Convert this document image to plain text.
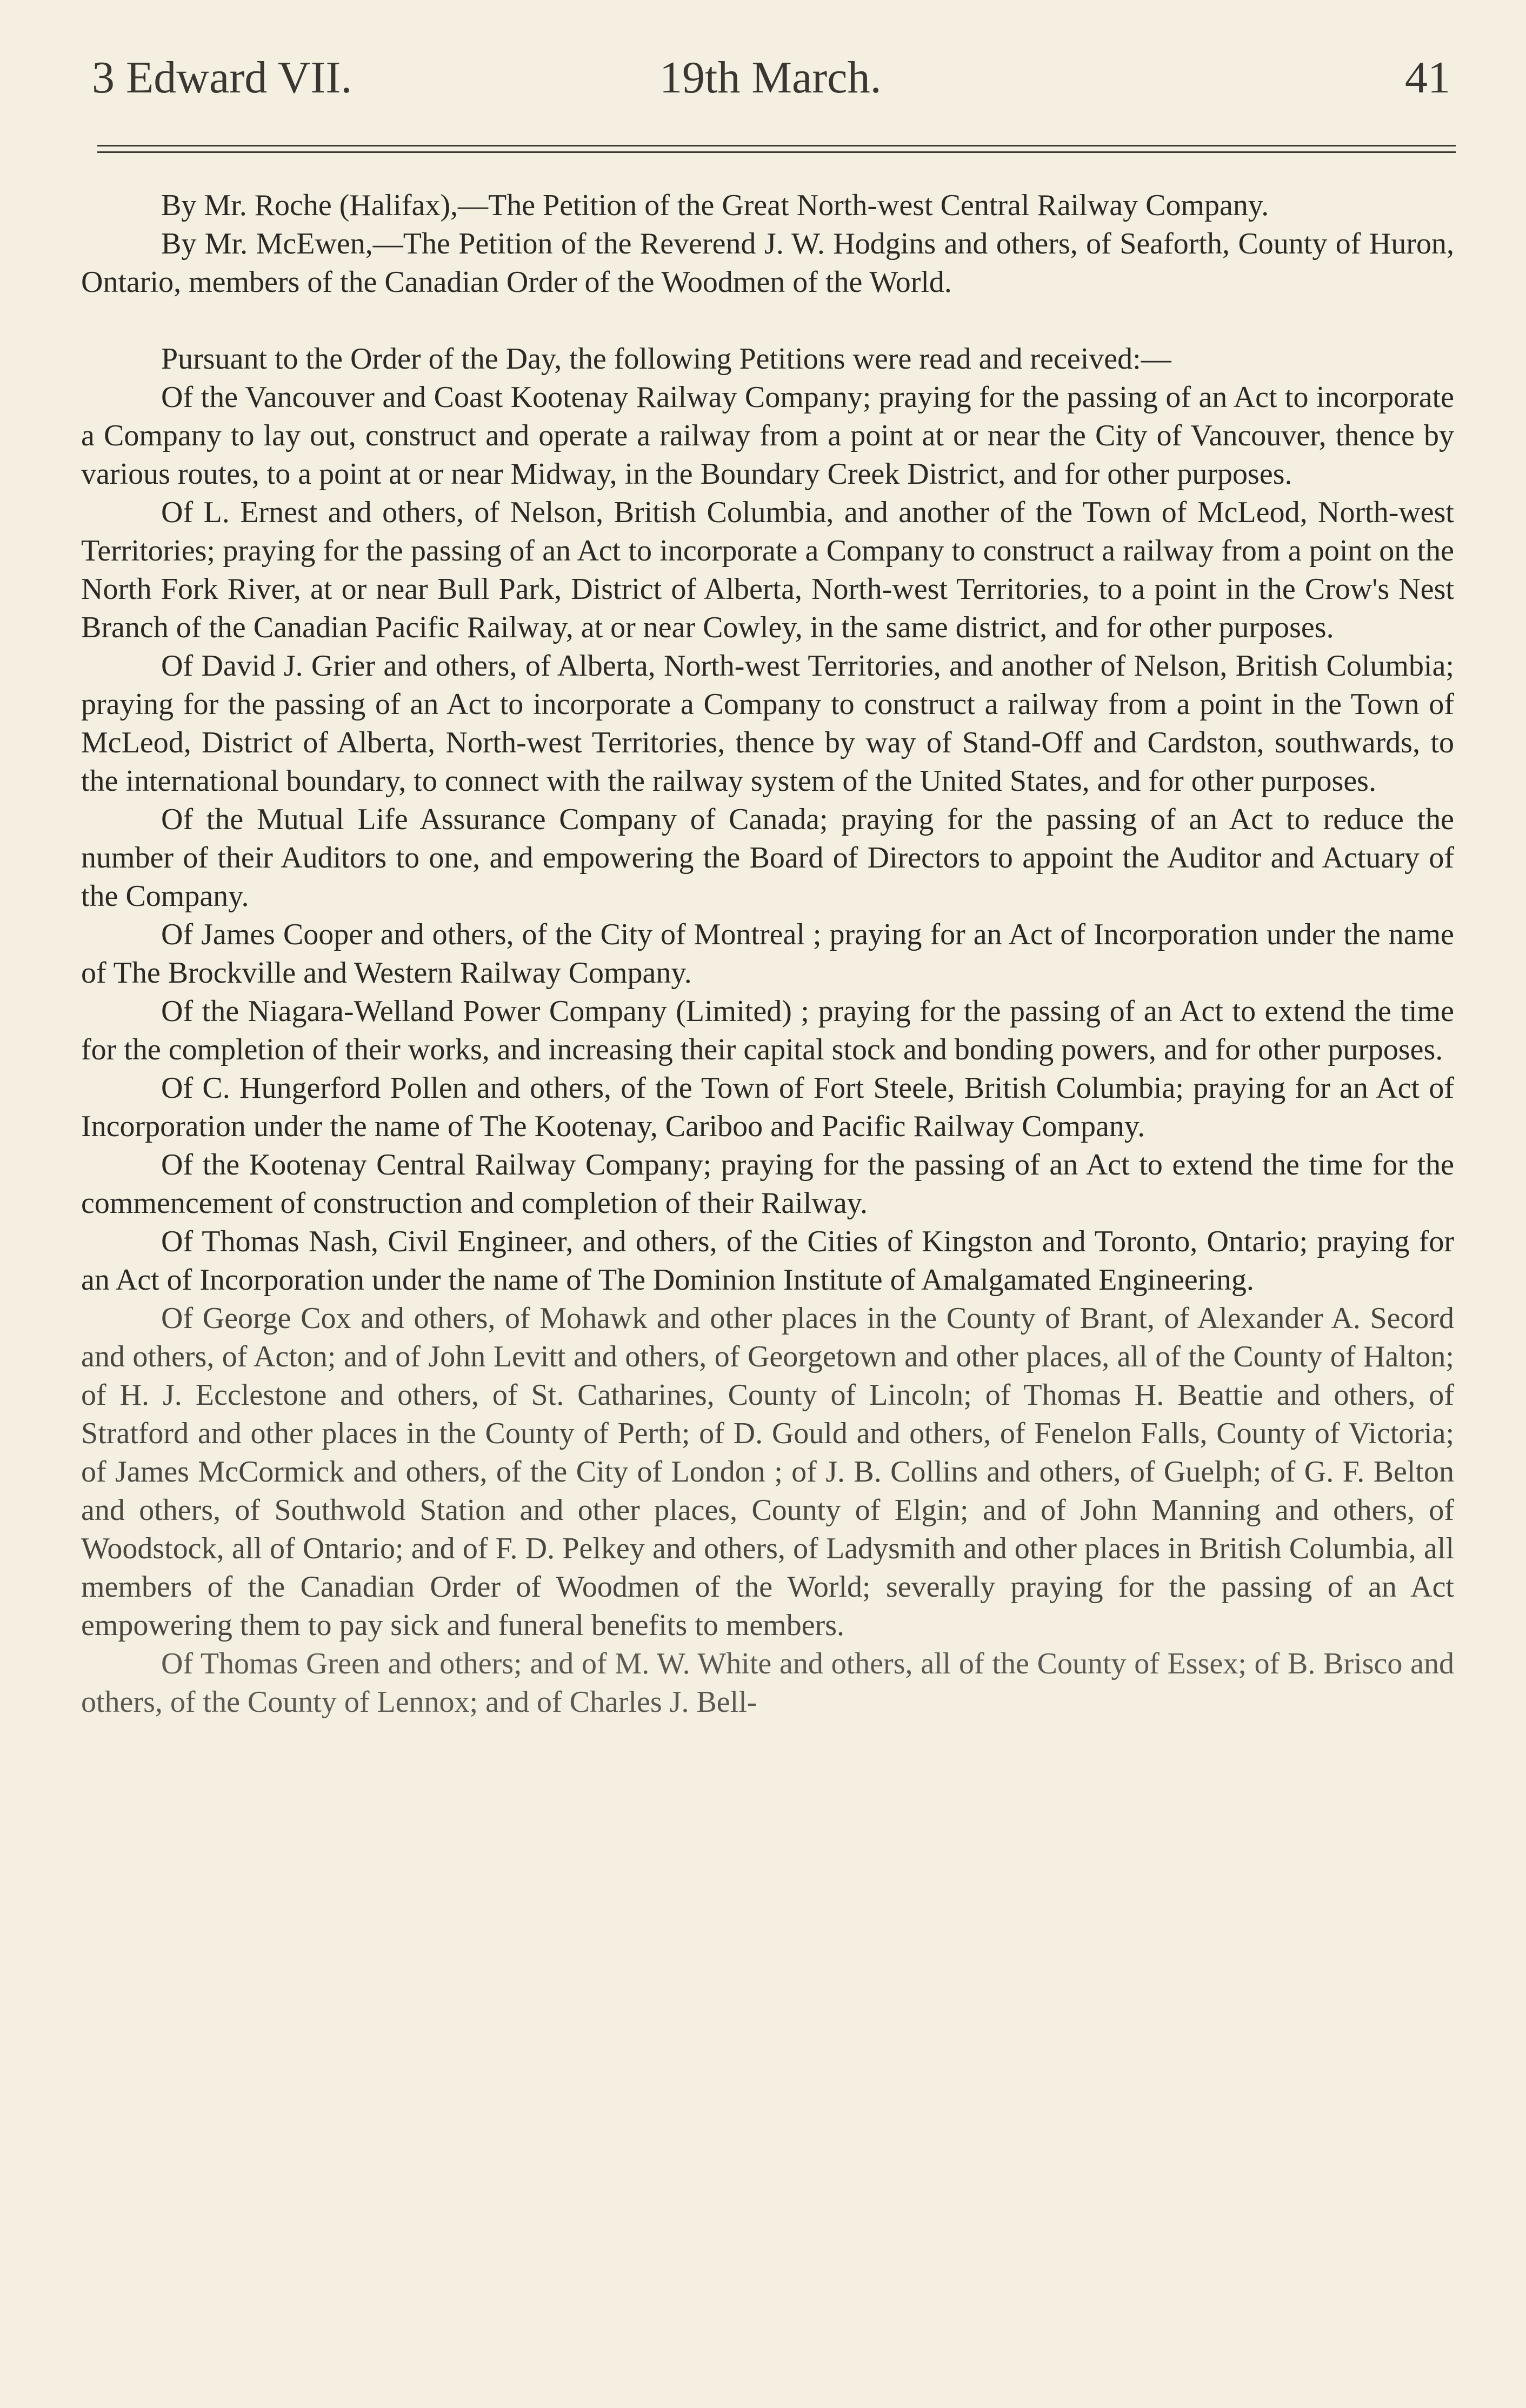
3 Edward VII.	19th March.	41

By Mr. Roche (Halifax),—The Petition of the Great North-west Central Railway Company.

By Mr. McEwen,—The Petition of the Reverend J. W. Hodgins and others, of Seaforth, County of Huron, Ontario, members of the Canadian Order of the Woodmen of the World.

Pursuant to the Order of the Day, the following Petitions were read and received:—

Of the Vancouver and Coast Kootenay Railway Company; praying for the passing of an Act to incorporate a Company to lay out, construct and operate a railway from a point at or near the City of Vancouver, thence by various routes, to a point at or near Midway, in the Boundary Creek District, and for other purposes.

Of L. Ernest and others, of Nelson, British Columbia, and another of the Town of McLeod, North-west Territories; praying for the passing of an Act to incorporate a Company to construct a railway from a point on the North Fork River, at or near Bull Park, District of Alberta, North-west Territories, to a point in the Crow's Nest Branch of the Canadian Pacific Railway, at or near Cowley, in the same district, and for other purposes.

Of David J. Grier and others, of Alberta, North-west Territories, and another of Nelson, British Columbia; praying for the passing of an Act to incorporate a Company to construct a railway from a point in the Town of McLeod, District of Alberta, North-west Territories, thence by way of Stand-Off and Cardston, southwards, to the international boundary, to connect with the railway system of the United States, and for other purposes.

Of the Mutual Life Assurance Company of Canada; praying for the passing of an Act to reduce the number of their Auditors to one, and empowering the Board of Directors to appoint the Auditor and Actuary of the Company.

Of James Cooper and others, of the City of Montreal ; praying for an Act of Incorporation under the name of The Brockville and Western Railway Company.

Of the Niagara-Welland Power Company (Limited) ; praying for the passing of an Act to extend the time for the completion of their works, and increasing their capital stock and bonding powers, and for other purposes.

Of C. Hungerford Pollen and others, of the Town of Fort Steele, British Columbia; praying for an Act of Incorporation under the name of The Kootenay, Cariboo and Pacific Railway Company.

Of the Kootenay Central Railway Company; praying for the passing of an Act to extend the time for the commencement of construction and completion of their Railway.

Of Thomas Nash, Civil Engineer, and others, of the Cities of Kingston and Toronto, Ontario; praying for an Act of Incorporation under the name of The Dominion Institute of Amalgamated Engineering.

Of George Cox and others, of Mohawk and other places in the County of Brant, of Alexander A. Secord and others, of Acton; and of John Levitt and others, of Georgetown and other places, all of the County of Halton; of H. J. Ecclestone and others, of St. Catharines, County of Lincoln; of Thomas H. Beattie and others, of Stratford and other places in the County of Perth; of D. Gould and others, of Fenelon Falls, County of Victoria; of James McCormick and others, of the City of London ; of J. B. Collins and others, of Guelph; of G. F. Belton and others, of Southwold Station and other places, County of Elgin; and of John Manning and others, of Woodstock, all of Ontario; and of F. D. Pelkey and others, of Ladysmith and other places in British Columbia, all members of the Canadian Order of Woodmen of the World; severally praying for the passing of an Act empowering them to pay sick and funeral benefits to members.

Of Thomas Green and others; and of M. W. White and others, all of the County of Essex; of B. Brisco and others, of the County of Lennox; and of Charles J. Bell-
